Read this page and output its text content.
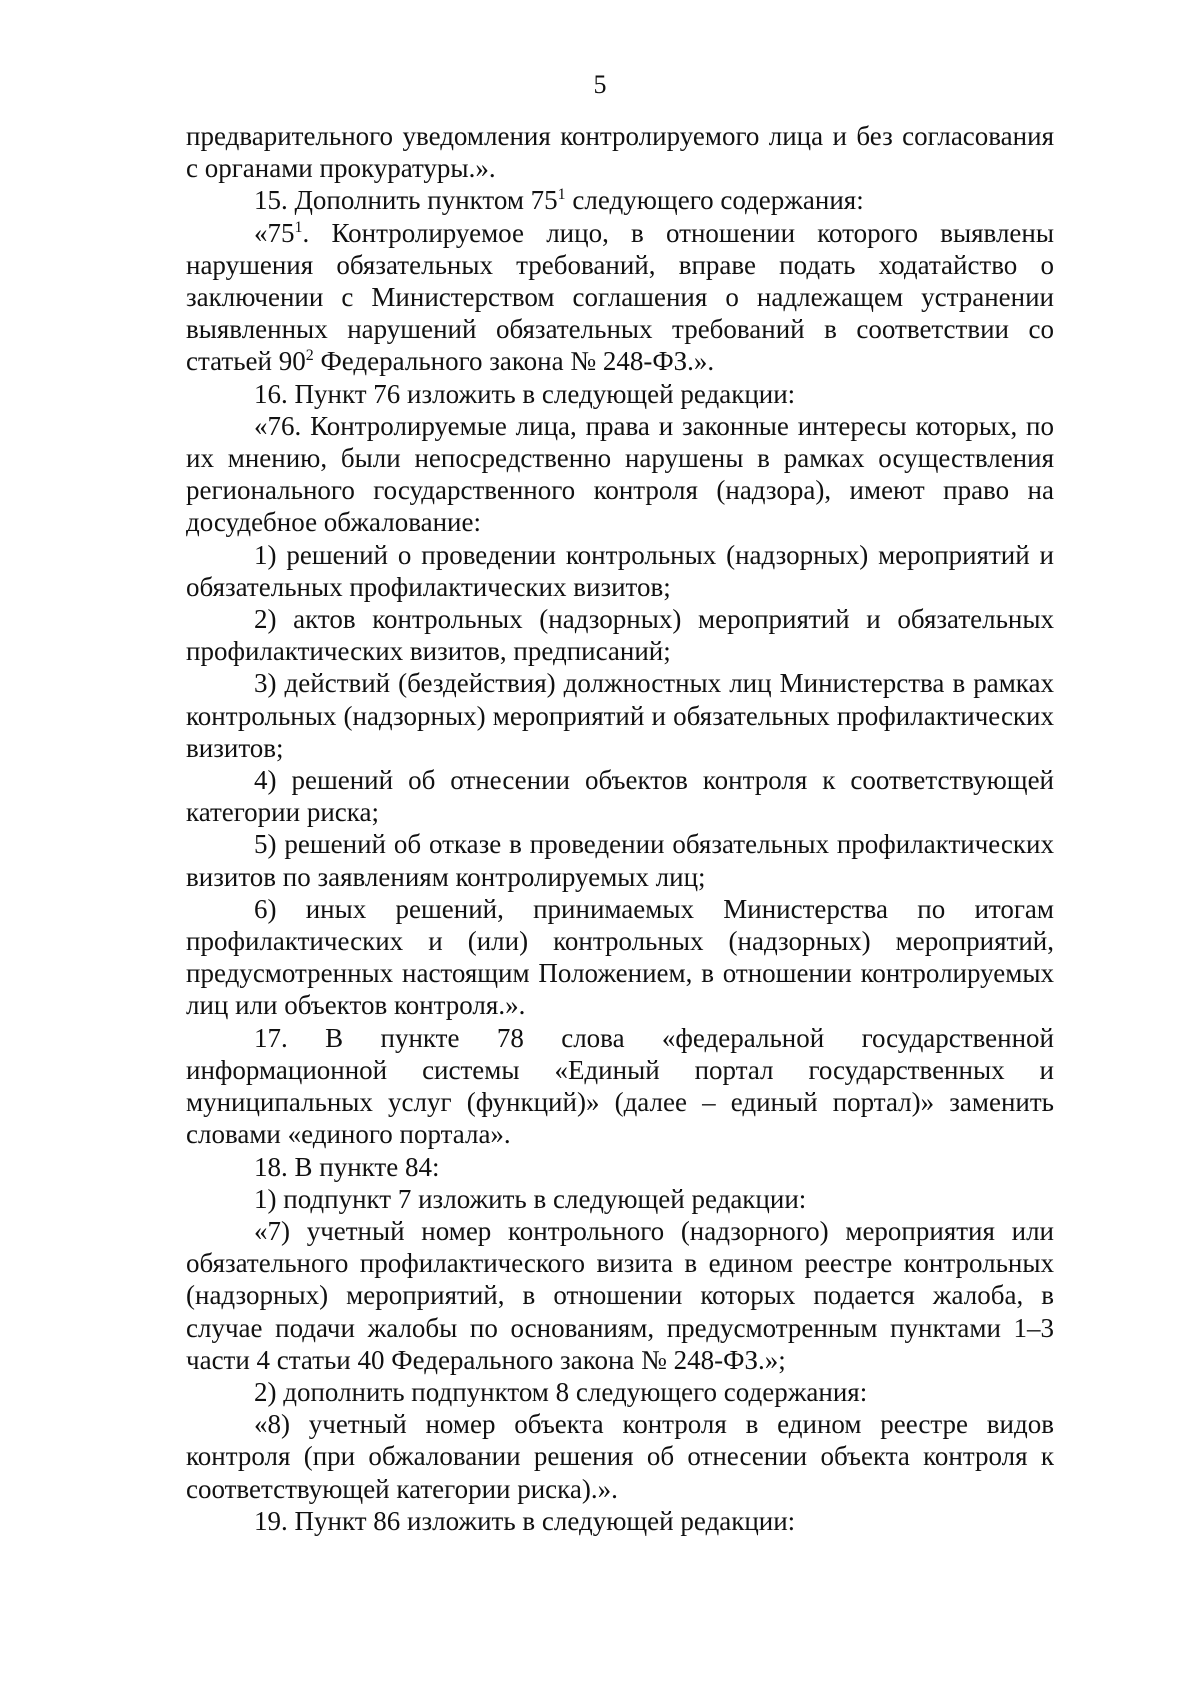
5

предварительного уведомления контролируемого лица и без согласования с органами прокуратуры.».

15. Дополнить пунктом $75^1$ следующего содержания:

«$75^1$. Контролируемое лицо, в отношении которого выявлены нарушения обязательных требований, вправе подать ходатайство о заключении с Министерством соглашения о надлежащем устранении выявленных нарушений обязательных требований в соответствии со статьей $90^2$ Федерального закона № 248-ФЗ.».

16. Пункт 76 изложить в следующей редакции:

«76. Контролируемые лица, права и законные интересы которых, по их мнению, были непосредственно нарушены в рамках осуществления регионального государственного контроля (надзора), имеют право на досудебное обжалование:

1) решений о проведении контрольных (надзорных) мероприятий и обязательных профилактических визитов;

2) актов контрольных (надзорных) мероприятий и обязательных профилактических визитов, предписаний;

3) действий (бездействия) должностных лиц Министерства в рамках контрольных (надзорных) мероприятий и обязательных профилактических визитов;

4) решений об отнесении объектов контроля к соответствующей категории риска;

5) решений об отказе в проведении обязательных профилактических визитов по заявлениям контролируемых лиц;

6) иных решений, принимаемых Министерства по итогам профилактических и (или) контрольных (надзорных) мероприятий, предусмотренных настоящим Положением, в отношении контролируемых лиц или объектов контроля.».

17. В пункте 78 слова «федеральной государственной информационной системы «Единый портал государственных и муниципальных услуг (функций)» (далее – единый портал)» заменить словами «единого портала».

18. В пункте 84:

1) подпункт 7 изложить в следующей редакции:

«7) учетный номер контрольного (надзорного) мероприятия или обязательного профилактического визита в едином реестре контрольных (надзорных) мероприятий, в отношении которых подается жалоба, в случае подачи жалобы по основаниям, предусмотренным пунктами 1–3 части 4 статьи 40 Федерального закона № 248-ФЗ.»;

2) дополнить подпунктом 8 следующего содержания:

«8) учетный номер объекта контроля в едином реестре видов контроля (при обжаловании решения об отнесении объекта контроля к соответствующей категории риска).».

19. Пункт 86 изложить в следующей редакции:
